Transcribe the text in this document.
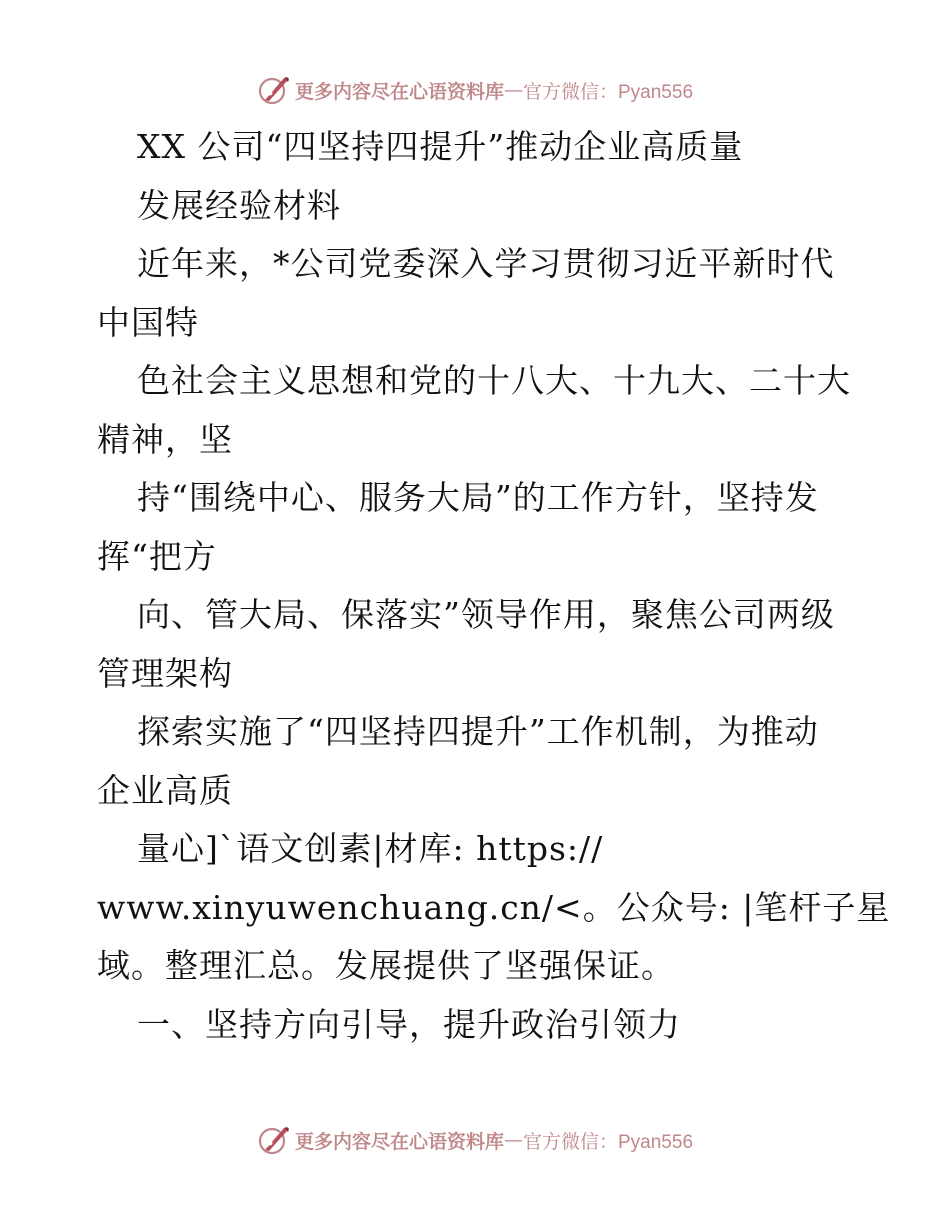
更多内容尽在心语资料库 — 官方微信：Pyan556
XX 公司“四坚持四提升”推动企业高质量
发展经验材料
近年来，*公司党委深入学习贯彻习近平新时代
中国特
色社会主义思想和党的十八大、十九大、二十大
精神，坚
持“围绕中心、服务大局”的工作方针，坚持发
挥“把方
向、管大局、保落实”领导作用，聚焦公司两级
管理架构
探索实施了“四坚持四提升”工作机制，为推动
企业高质
量心]`语文创素|材库: https://
www.xinyuwenchuang.cn/<。公众号: |笔杆子星
域。整理汇总。发展提供了坚强保证。
一、坚持方向引导，提升政治引领力
更多内容尽在心语资料库 — 官方微信：Pyan556
